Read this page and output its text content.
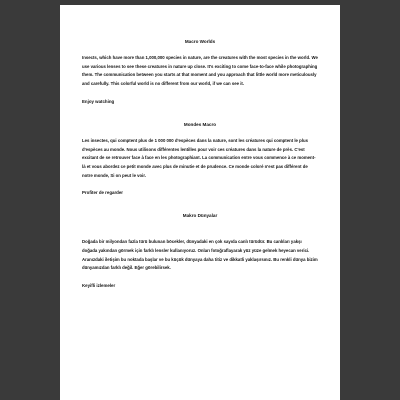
Macro Worlds

Insects, which have more than 1,000,000 species in nature, are the creatures with the most species in the world. We use various lenses to see these creatures in nature up close. It's exciting to come face-to-face while photographing them. The communication between you starts at that moment and you approach that little world more meticulously and carefully. This colorful world is no different from our world, if we can see it.

Enjoy watching
Mondes Macro

Les insectes, qui comptent plus de 1 000 000 d'espèces dans la nature, sont les créatures qui comptent le plus d'espèces au monde. Nous utilisons différentes lentilles pour voir ces créatures dans la nature de près. C'est excitant de se retrouver face à face en les photographiant. La communication entre vous commence à ce moment-là et vous abordez ce petit monde avec plus de minutie et de prudence. Ce monde coloré n'est pas différent de notre monde, Si on peut le voir.

Profiter de regarder
Makro Dünyalar

Doğada bir milyondan fazla türü bulunan böcekler, dünyadaki en çok sayıda canlı türüdür. Bu canlıları yakşı doğada yakından görmek için farklı lensler kullanıyoruz. Onları fotoğraflayarak yüz yüze gelmek heyecan verici. Aranızdaki iletişim bu noktada başlar ve bu küçük dünyaya daha titiz ve dikkatli yaklaşırsınız. Bu renkli dünya bizim dünyamızdan farklı değil. Eğer görebilirsek.

Keyifli izlemeler
